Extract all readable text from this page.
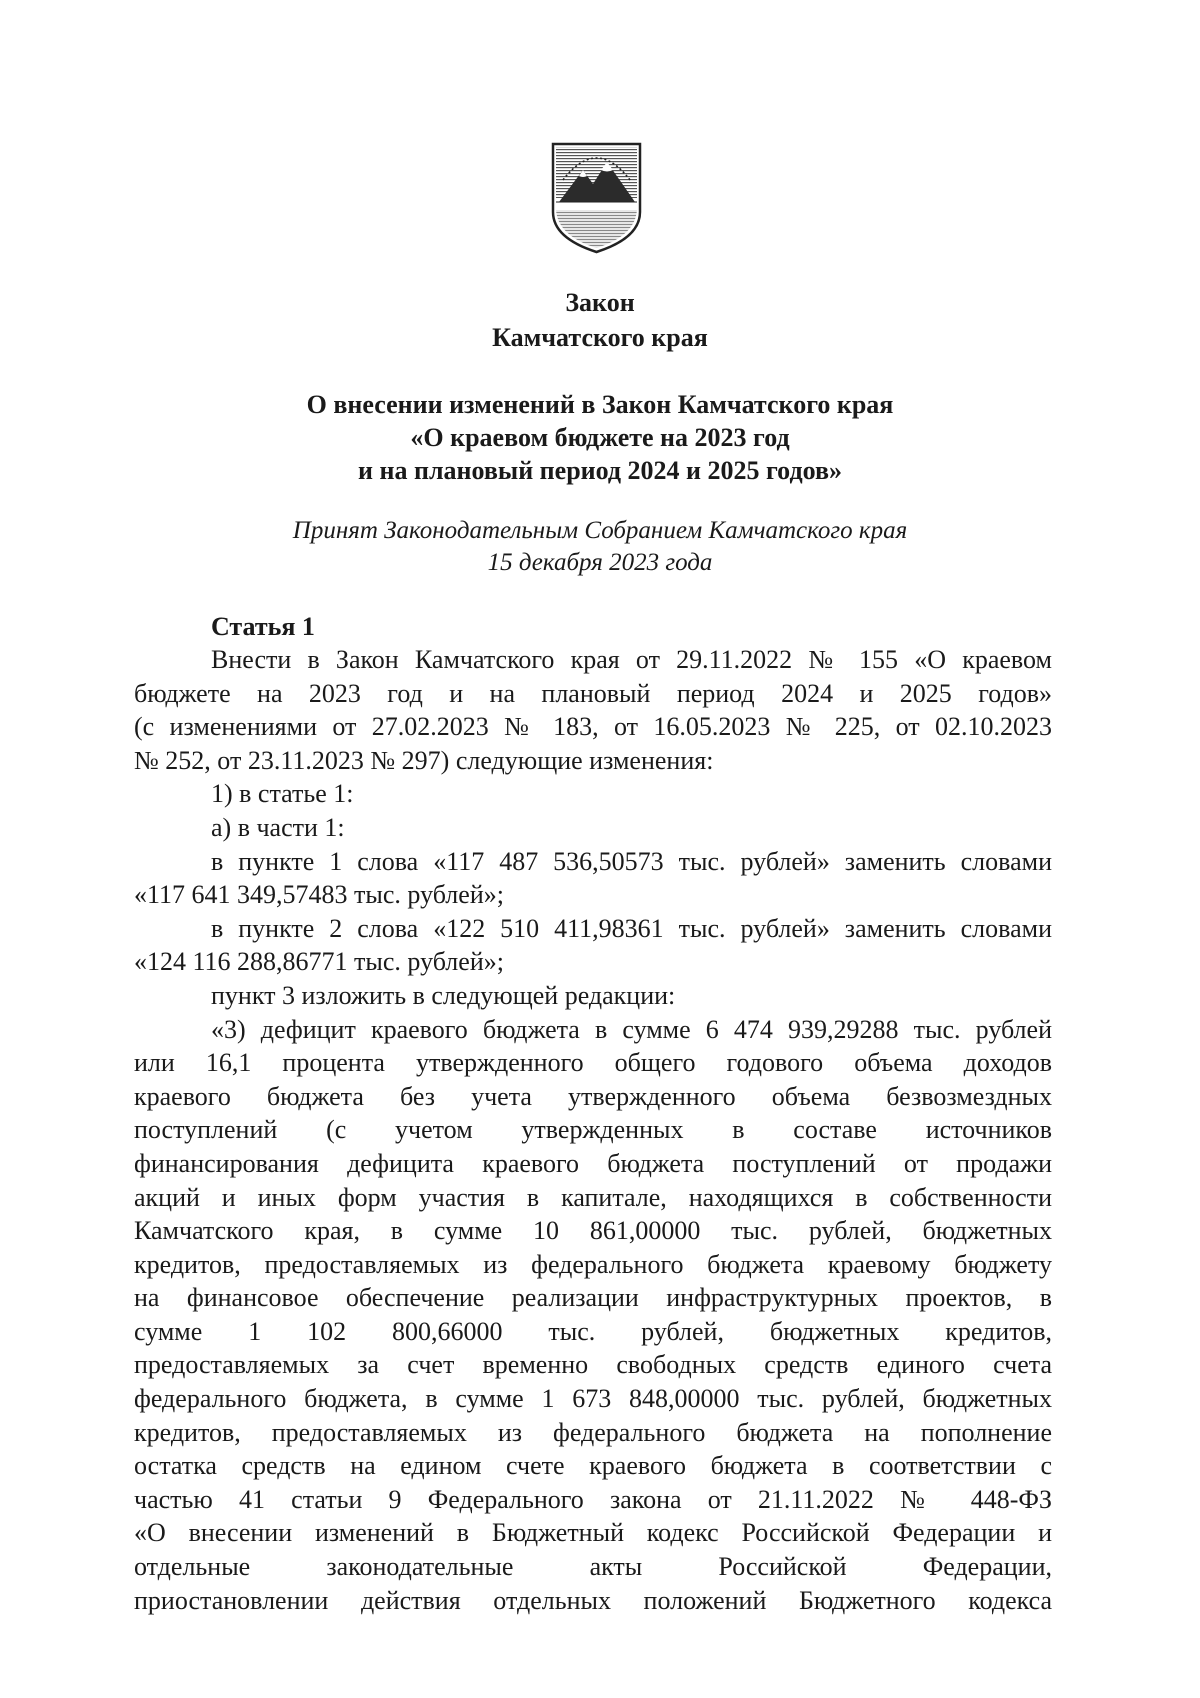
Закон
Камчатского края
О внесении изменений в Закон Камчатского края
«О краевом бюджете на 2023 год
и на плановый период 2024 и 2025 годов»
Принят Законодательным Собранием Камчатского края
15 декабря 2023 года
Статья 1

Внести в Закон Камчатского края от 29.11.2022 № 155 «О краевом
бюджете на 2023 год и на плановый период 2024 и 2025 годов»
(с изменениями от 27.02.2023 № 183, от 16.05.2023 № 225, от 02.10.2023
№ 252, от 23.11.2023 № 297) следующие изменения:

1) в статье 1:

а) в части 1:

в пункте 1 слова «117 487 536,50573 тыс. рублей» заменить словами
«117 641 349,57483 тыс. рублей»;

в пункте 2 слова «122 510 411,98361 тыс. рублей» заменить словами
«124 116 288,86771 тыс. рублей»;

пункт 3 изложить в следующей редакции:

«3) дефицит краевого бюджета в сумме 6 474 939,29288 тыс. рублей
или 16,1 процента утвержденного общего годового объема доходов
краевого бюджета без учета утвержденного объема безвозмездных
поступлений (с учетом утвержденных в составе источников
финансирования дефицита краевого бюджета поступлений от продажи
акций и иных форм участия в капитале, находящихся в собственности
Камчатского края, в сумме 10 861,00000 тыс. рублей, бюджетных
кредитов, предоставляемых из федерального бюджета краевому бюджету
на финансовое обеспечение реализации инфраструктурных проектов, в
сумме 1 102 800,66000 тыс. рублей, бюджетных кредитов,
предоставляемых за счет временно свободных средств единого счета
федерального бюджета, в сумме 1 673 848,00000 тыс. рублей, бюджетных
кредитов, предоставляемых из федерального бюджета на пополнение
остатка средств на едином счете краевого бюджета в соответствии с
частью 41 статьи 9 Федерального закона от 21.11.2022 № 448-ФЗ
«О внесении изменений в Бюджетный кодекс Российской Федерации и
отдельные законодательные акты Российской Федерации,
приостановлении действия отдельных положений Бюджетного кодекса
